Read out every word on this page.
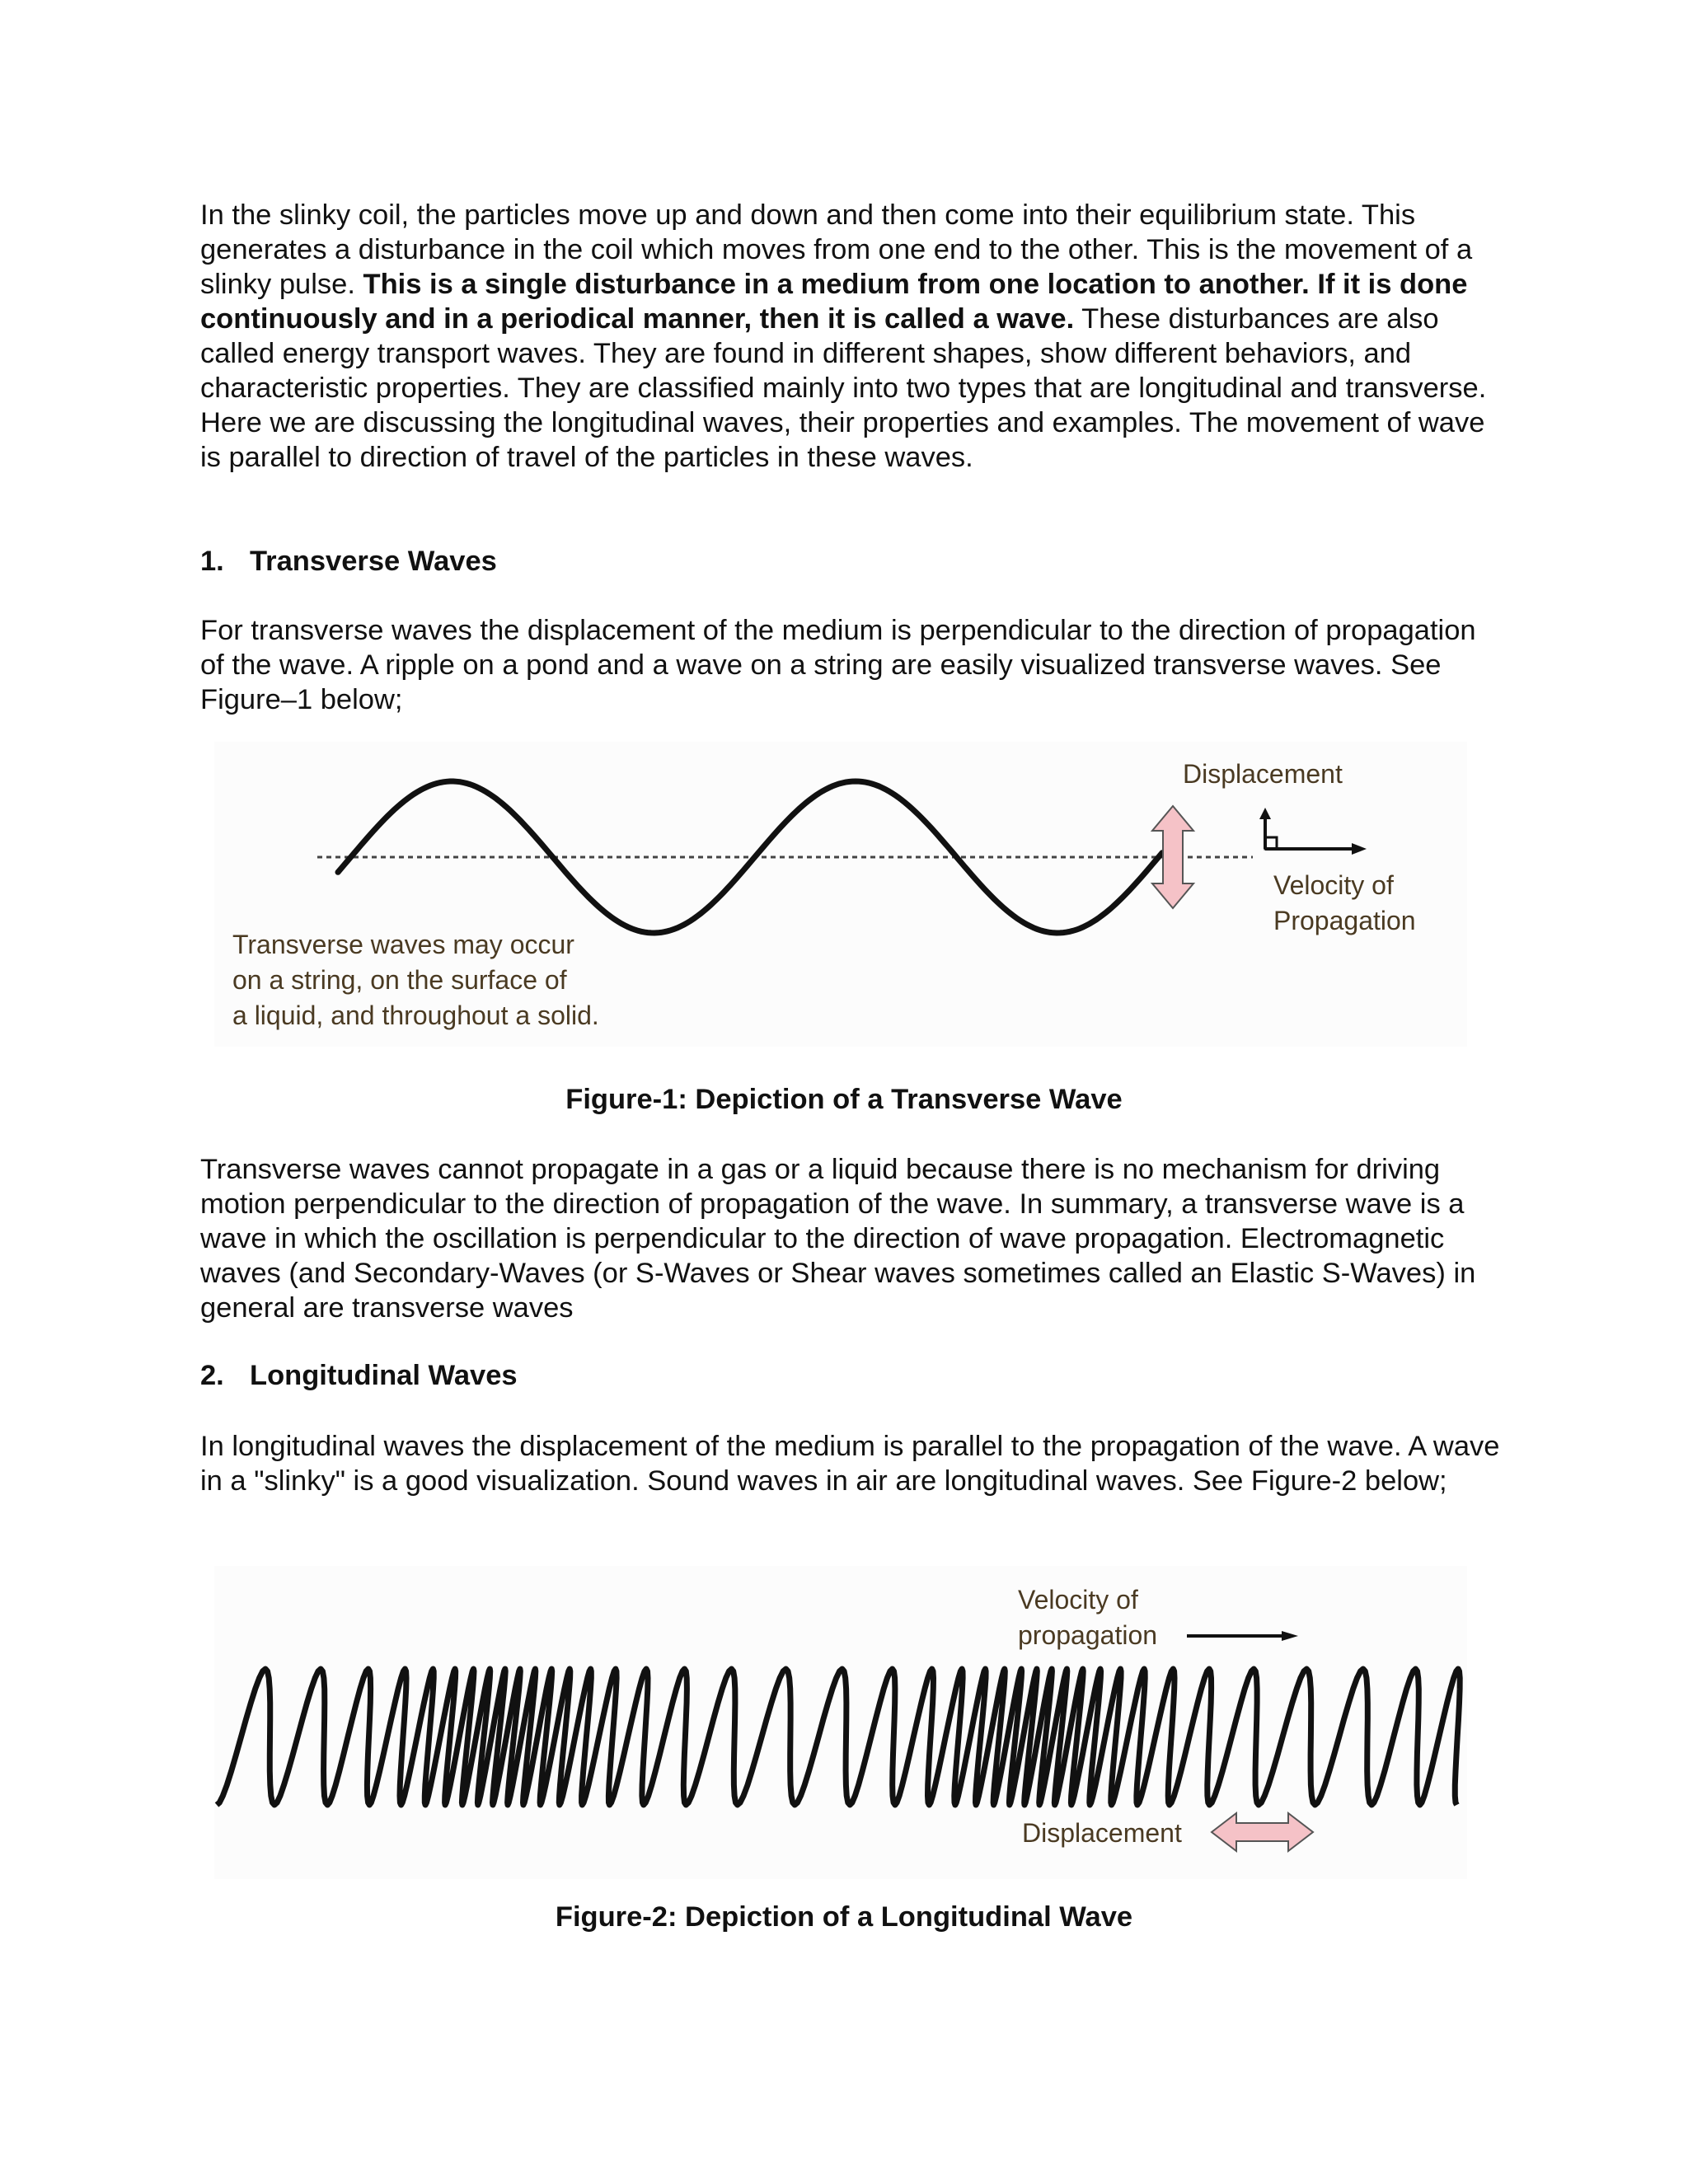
In the slinky coil, the particles move up and down and then come into their equilibrium state. This generates a disturbance in the coil which moves from one end to the other. This is the movement of a slinky pulse. This is a single disturbance in a medium from one location to another. If it is done continuously and in a periodical manner, then it is called a wave. These disturbances are also called energy transport waves. They are found in different shapes, show different behaviors, and characteristic properties. They are classified mainly into two types that are longitudinal and transverse. Here we are discussing the longitudinal waves, their properties and examples. The movement of wave is parallel to direction of travel of the particles in these waves.

1. Transverse Waves

For transverse waves the displacement of the medium is perpendicular to the direction of propagation of the wave. A ripple on a pond and a wave on a string are easily visualized transverse waves. See Figure–1 below;

Displacement
Velocity of
Propagation
Transverse waves may occur
on a string, on the surface of
a liquid, and throughout a solid.

Figure-1: Depiction of a Transverse Wave

Transverse waves cannot propagate in a gas or a liquid because there is no mechanism for driving motion perpendicular to the direction of propagation of the wave. In summary, a transverse wave is a wave in which the oscillation is perpendicular to the direction of wave propagation. Electromagnetic waves (and Secondary-Waves (or S-Waves or Shear waves sometimes called an Elastic S-Waves) in general are transverse waves

2. Longitudinal Waves

In longitudinal waves the displacement of the medium is parallel to the propagation of the wave. A wave in a "slinky" is a good visualization. Sound waves in air are longitudinal waves. See Figure-2 below;

Velocity of
propagation
Displacement

Figure-2: Depiction of a Longitudinal Wave
